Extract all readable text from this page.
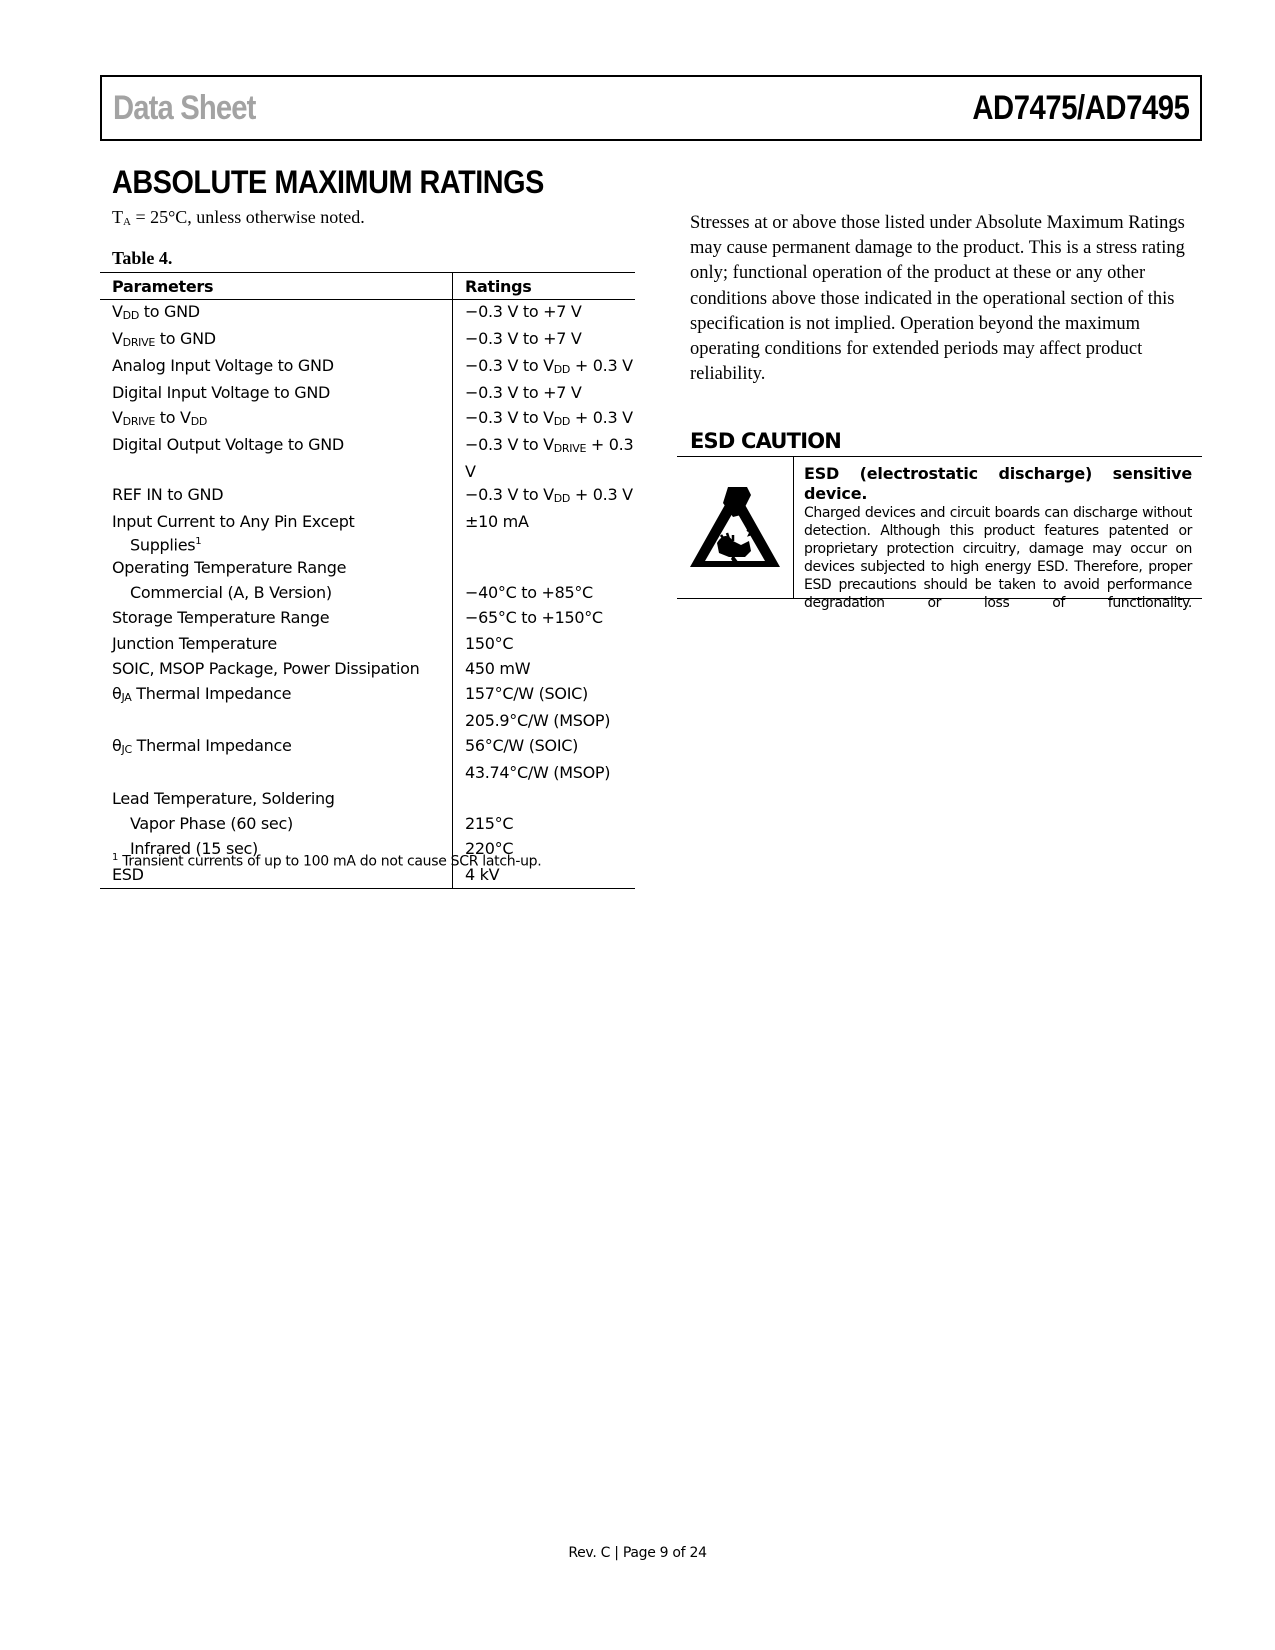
Data Sheet	AD7475/AD7495
ABSOLUTE MAXIMUM RATINGS
$T_A = 25^\circ C$, unless otherwise noted.
Table 4.
Parameters	Ratings
$V_{DD}$ to GND	−0.3 V to +7 V
$V_{DRIVE}$ to GND	−0.3 V to +7 V
Analog Input Voltage to GND	−0.3 V to $V_{DD} + 0.3$ V
Digital Input Voltage to GND	−0.3 V to +7 V
$V_{DRIVE}$ to $V_{DD}$	−0.3 V to $V_{DD} + 0.3$ V
Digital Output Voltage to GND	−0.3 V to $V_{DRIVE} + 0.3$ V
REF IN to GND	−0.3 V to $V_{DD} + 0.3$ V
Input Current to Any Pin Except
Supplies$^1$	±10 mA
Operating Temperature Range	
Commercial (A, B Version)	−40°C to +85°C
Storage Temperature Range	−65°C to +150°C
Junction Temperature	150°C
SOIC, MSOP Package, Power Dissipation	450 mW
$\theta_{JA}$ Thermal Impedance	157°C/W (SOIC)
	205.9°C/W (MSOP)
$\theta_{JC}$ Thermal Impedance	56°C/W (SOIC)
	43.74°C/W (MSOP)
Lead Temperature, Soldering	
Vapor Phase (60 sec)	215°C
Infrared (15 sec)	220°C
ESD	4 kV
$^1$ Transient currents of up to 100 mA do not cause SCR latch-up.
Stresses at or above those listed under Absolute Maximum Ratings may cause permanent damage to the product. This is a stress rating only; functional operation of the product at these or any other conditions above those indicated in the operational section of this specification is not implied. Operation beyond the maximum operating conditions for extended periods may affect product reliability.
ESD CAUTION
ESD (electrostatic discharge) sensitive device.
Charged devices and circuit boards can discharge without detection. Although this product features patented or proprietary protection circuitry, damage may occur on devices subjected to high energy ESD. Therefore, proper ESD precautions should be taken to avoid performance degradation or loss of functionality.
Rev. C | Page 9 of 24
